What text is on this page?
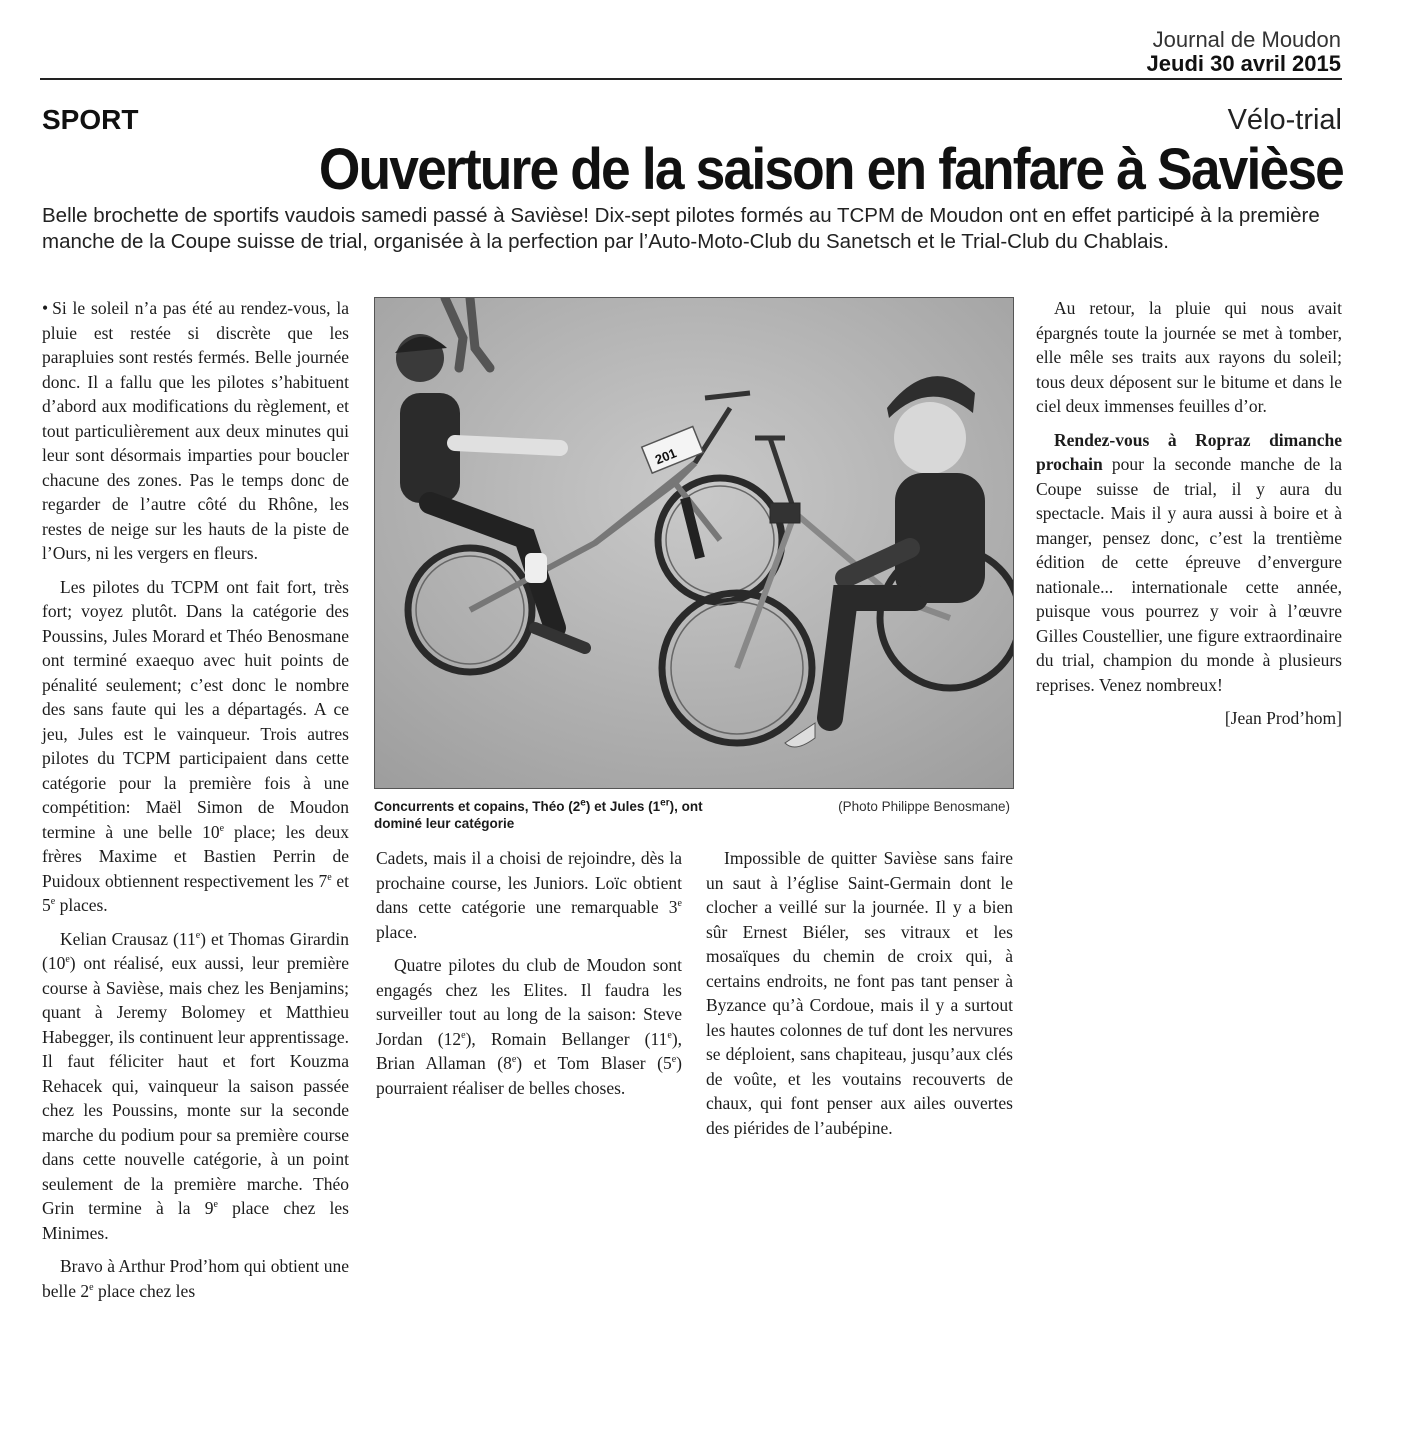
Journal de Moudon
Jeudi 30 avril 2015
SPORT	Vélo-trial
Ouverture de la saison en fanfare à Savièse
Belle brochette de sportifs vaudois samedi passé à Savièse! Dix-sept pilotes formés au TCPM de Moudon ont en effet participé à la première manche de la Coupe suisse de trial, organisée à la perfection par l’Auto-Moto-Club du Sanetsch et le Trial-Club du Chablais.

• Si le soleil n’a pas été au rendez-vous, la pluie est restée si discrète que les parapluies sont restés fermés. Belle journée donc. Il a fallu que les pilotes s’habituent d’abord aux modifications du règlement, et tout particulièrement aux deux minutes qui leur sont désormais imparties pour boucler chacune des zones. Pas le temps donc de regarder de l’autre côté du Rhône, les restes de neige sur les hauts de la piste de l’Ours, ni les vergers en fleurs.

Les pilotes du TCPM ont fait fort, très fort; voyez plutôt. Dans la catégorie des Poussins, Jules Morard et Théo Benosmane ont terminé exaequo avec huit points de pénalité seulement; c’est donc le nombre des sans faute qui les a départagés. A ce jeu, Jules est le vainqueur. Trois autres pilotes du TCPM participaient dans cette catégorie pour la première fois à une compétition: Maël Simon de Moudon termine à une belle 10e place; les deux frères Maxime et Bastien Perrin de Puidoux obtiennent respectivement les 7e et 5e places.

Kelian Crausaz (11e) et Thomas Girardin (10e) ont réalisé, eux aussi, leur première course à Savièse, mais chez les Benjamins; quant à Jeremy Bolomey et Matthieu Habegger, ils continuent leur apprentissage. Il faut féliciter haut et fort Kouzma Rehacek qui, vainqueur la saison passée chez les Poussins, monte sur la seconde marche du podium pour sa première course dans cette nouvelle catégorie, à un point seulement de la première marche. Théo Grin termine à la 9e place chez les Minimes.

Bravo à Arthur Prod’hom qui obtient une belle 2e place chez les

201
Concurrents et copains, Théo (2e) et Jules (1er), ont dominé leur catégorie
(Photo Philippe Benosmane)

Cadets, mais il a choisi de rejoindre, dès la prochaine course, les Juniors. Loïc obtient dans cette catégorie une remarquable 3e place.

Quatre pilotes du club de Moudon sont engagés chez les Elites. Il faudra les surveiller tout au long de la saison: Steve Jordan (12e), Romain Bellanger (11e), Brian Allaman (8e) et Tom Blaser (5e) pourraient réaliser de belles choses.

Impossible de quitter Savièse sans faire un saut à l’église Saint-Germain dont le clocher a veillé sur la journée. Il y a bien sûr Ernest Biéler, ses vitraux et les mosaïques du chemin de croix qui, à certains endroits, ne font pas tant penser à Byzance qu’à Cordoue, mais il y a surtout les hautes colonnes de tuf dont les nervures se déploient, sans chapiteau, jusqu’aux clés de voûte, et les voutains recouverts de chaux, qui font penser aux ailes ouvertes des piérides de l’aubépine.

Au retour, la pluie qui nous avait épargnés toute la journée se met à tomber, elle mêle ses traits aux rayons du soleil; tous deux déposent sur le bitume et dans le ciel deux immenses feuilles d’or.

Rendez-vous à Ropraz dimanche prochain pour la seconde manche de la Coupe suisse de trial, il y aura du spectacle. Mais il y aura aussi à boire et à manger, pensez donc, c’est la trentième édition de cette épreuve d’envergure nationale... internationale cette année, puisque vous pourrez y voir à l’œuvre Gilles Coustellier, une figure extraordinaire du trial, champion du monde à plusieurs reprises. Venez nombreux!

[Jean Prod’hom]
